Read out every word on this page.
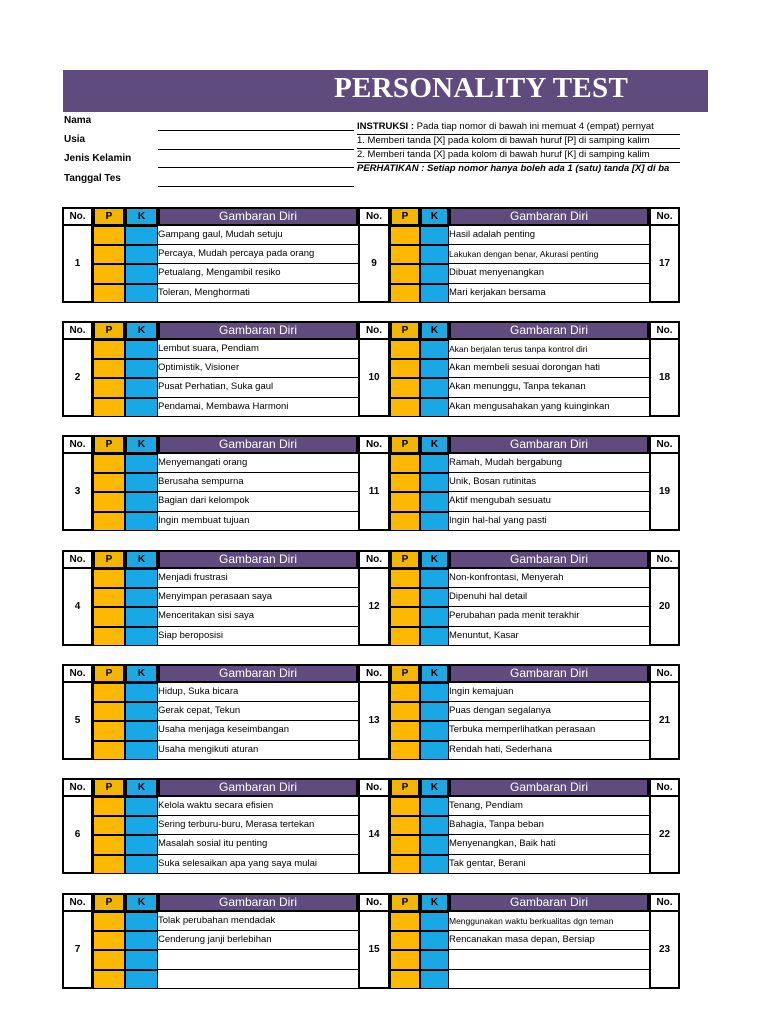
PERSONALITY TEST
Nama
Usia
Jenis Kelamin
Tanggal Tes
INSTRUKSI : Pada tiap nomor di bawah ini memuat 4 (empat) pernyat
1. Memberi tanda [X] pada kolom di bawah huruf [P] di samping kalim
2. Memberi tanda [X] pada kolom di bawah huruf [K] di samping kalim
PERHATIKAN : Setiap nomor hanya boleh ada 1 (satu) tanda [X] di ba
No.	P	K	Gambaran Diri	No.	P	K	Gambaran Diri	No.
1	9	17
Gampang gaul, Mudah setuju	Hasil adalah penting
Percaya, Mudah percaya pada orang	Lakukan dengan benar, Akurasi penting
Petualang, Mengambil resiko	Dibuat menyenangkan
Toleran, Menghormati	Mari kerjakan bersama
No.	P	K	Gambaran Diri	No.	P	K	Gambaran Diri	No.
2	10	18
Lembut suara, Pendiam	Akan berjalan terus tanpa kontrol diri
Optimistik, Visioner	Akan membeli sesuai dorongan hati
Pusat Perhatian, Suka gaul	Akan menunggu, Tanpa tekanan
Pendamai, Membawa Harmoni	Akan mengusahakan yang kuinginkan
No.	P	K	Gambaran Diri	No.	P	K	Gambaran Diri	No.
3	11	19
Menyemangati orang	Ramah, Mudah bergabung
Berusaha sempurna	Unik, Bosan rutinitas
Bagian dari kelompok	Aktif mengubah sesuatu
Ingin membuat tujuan	Ingin hal-hal yang pasti
No.	P	K	Gambaran Diri	No.	P	K	Gambaran Diri	No.
4	12	20
Menjadi frustrasi	Non-konfrontasi, Menyerah
Menyimpan perasaan saya	Dipenuhi hal detail
Menceritakan sisi saya	Perubahan pada menit terakhir
Siap beroposisi	Menuntut, Kasar
No.	P	K	Gambaran Diri	No.	P	K	Gambaran Diri	No.
5	13	21
Hidup, Suka bicara	Ingin kemajuan
Gerak cepat, Tekun	Puas dengan segalanya
Usaha menjaga keseimbangan	Terbuka memperlihatkan perasaan
Usaha mengikuti aturan	Rendah hati, Sederhana
No.	P	K	Gambaran Diri	No.	P	K	Gambaran Diri	No.
6	14	22
Kelola waktu secara efisien	Tenang, Pendiam
Sering terburu-buru, Merasa tertekan	Bahagia, Tanpa beban
Masalah sosial itu penting	Menyenangkan, Baik hati
Suka selesaikan apa yang saya mulai	Tak gentar, Berani
No.	P	K	Gambaran Diri	No.	P	K	Gambaran Diri	No.
7	15	23
Tolak perubahan mendadak	Menggunakan waktu berkualitas dgn teman
Cenderung janji berlebihan	Rencanakan masa depan, Bersiap
